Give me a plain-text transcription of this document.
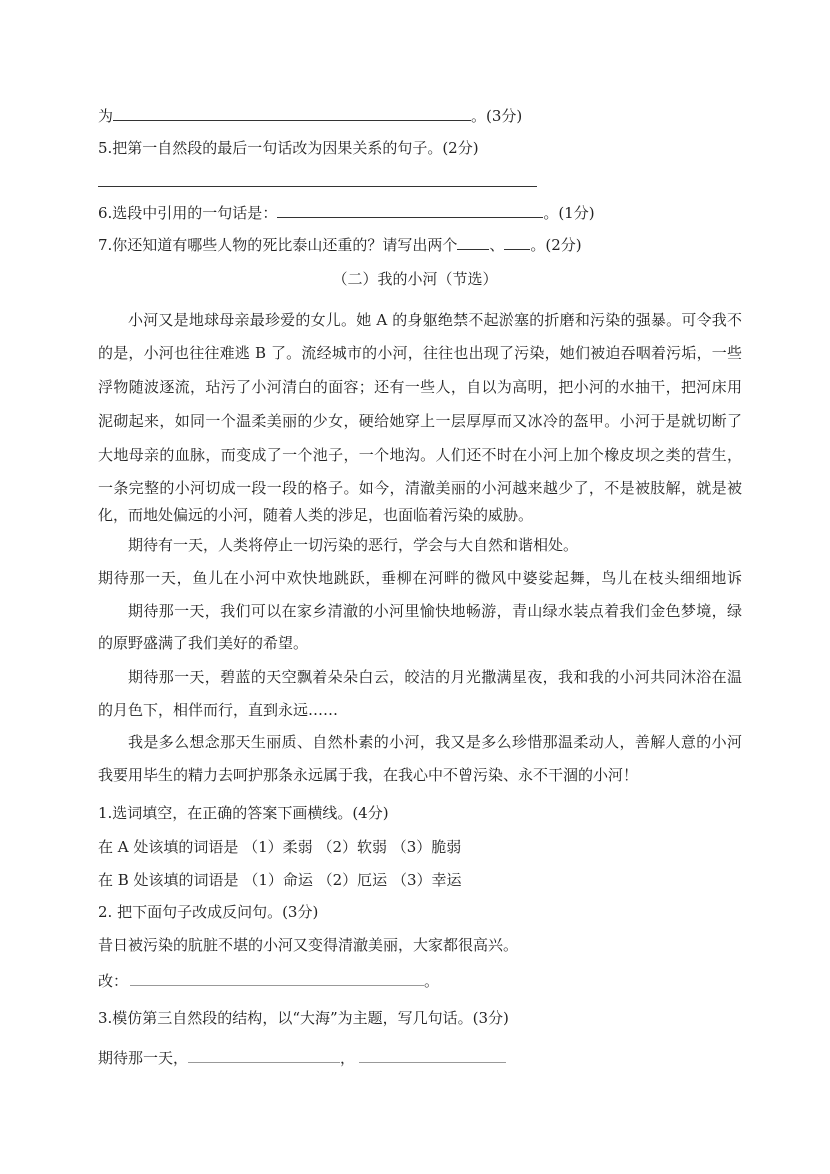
为	。(3分)
5.把第一自然段的最后一句话改为因果关系的句子。(2分)
6.选段中引用的一句话是：	。(1分)
7.你还知道有哪些人物的死比泰山还重的？请写出两个 、 。(2分)
（二）我的小河（节选）
小河又是地球母亲最珍爱的女儿。她 A 的身躯绝禁不起淤塞的折磨和污染的强暴。可令我不
的是，小河也往往难逃 B 了。流经城市的小河，往往也出现了污染，她们被迫吞咽着污垢，一些
浮物随波逐流，玷污了小河清白的面容；还有一些人，自以为高明，把小河的水抽干，把河床用
泥砌起来，如同一个温柔美丽的少女，硬给她穿上一层厚厚而又冰冷的盔甲。小河于是就切断了
大地母亲的血脉，而变成了一个池子，一个地沟。人们还不时在小河上加个橡皮坝之类的营生，
一条完整的小河切成一段一段的格子。如今，清澈美丽的小河越来越少了，不是被肢解，就是被
化，而地处偏远的小河，随着人类的涉足，也面临着污染的威胁。
期待有一天，人类将停止一切污染的恶行，学会与大自然和谐相处。
期待那一天，鱼儿在小河中欢快地跳跃，垂柳在河畔的微风中婆娑起舞，鸟儿在枝头细细地诉
期待那一天，我们可以在家乡清澈的小河里愉快地畅游，青山绿水装点着我们金色梦境，绿
的原野盛满了我们美好的希望。
期待那一天，碧蓝的天空飘着朵朵白云，皎洁的月光撒满星夜，我和我的小河共同沐浴在温
的月色下，相伴而行，直到永远……
我是多么想念那天生丽质、自然朴素的小河，我又是多么珍惜那温柔动人，善解人意的小河
我要用毕生的精力去呵护那条永远属于我，在我心中不曾污染、永不干涸的小河！
1.选词填空，在正确的答案下画横线。(4分)
在 A 处该填的词语是 （1）柔弱 （2）软弱 （3）脆弱
在 B 处该填的词语是 （1）命运 （2）厄运 （3）幸运
2. 把下面句子改成反问句。(3分)
昔日被污染的肮脏不堪的小河又变得清澈美丽，大家都很高兴。
改：	。
3.模仿第三自然段的结构，以“大海”为主题，写几句话。(3分)
期待那一天，	，
